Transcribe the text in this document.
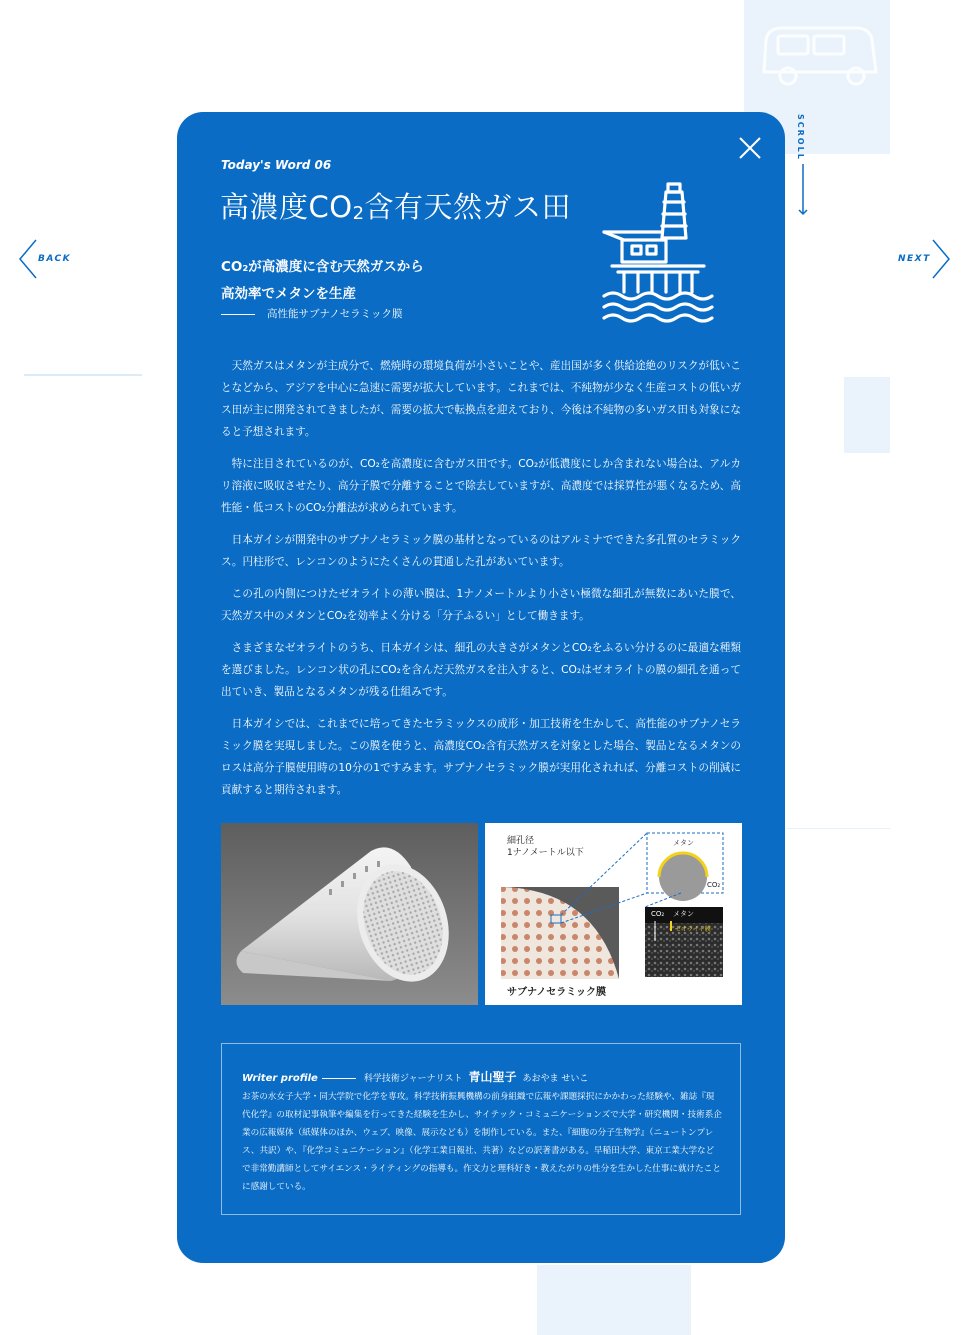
BACK	NEXT
SCROLL
Today's Word 06
高濃度$CO_2$含有天然ガス田
CO₂が高濃度に含む天然ガスから
高効率でメタンを生産
高性能サブナノセラミック膜

天然ガスはメタンが主成分で、燃焼時の環境負荷が小さいことや、産出国が多く供給途絶のリスクが低いことなどから、アジアを中心に急速に需要が拡大しています。これまでは、不純物が少なく生産コストの低いガス田が主に開発されてきましたが、需要の拡大で転換点を迎えており、今後は不純物の多いガス田も対象になると予想されます。

特に注目されているのが、CO₂を高濃度に含むガス田です。CO₂が低濃度にしか含まれない場合は、アルカリ溶液に吸収させたり、高分子膜で分離することで除去していますが、高濃度では採算性が悪くなるため、高性能・低コストのCO₂分離法が求められています。

日本ガイシが開発中のサブナノセラミック膜の基材となっているのはアルミナでできた多孔質のセラミックス。円柱形で、レンコンのようにたくさんの貫通した孔があいています。

この孔の内側につけたゼオライトの薄い膜は、1ナノメートルより小さい極微な細孔が無数にあいた膜で、天然ガス中のメタンとCO₂を効率よく分ける「分子ふるい」として働きます。

さまざまなゼオライトのうち、日本ガイシは、細孔の大きさがメタンとCO₂をふるい分けるのに最適な種類を選びました。レンコン状の孔にCO₂を含んだ天然ガスを注入すると、CO₂はゼオライトの膜の細孔を通って出ていき、製品となるメタンが残る仕組みです。

日本ガイシでは、これまでに培ってきたセラミックスの成形・加工技術を生かして、高性能のサブナノセラミック膜を実現しました。この膜を使うと、高濃度CO₂含有天然ガスを対象とした場合、製品となるメタンのロスは高分子膜使用時の10分の1ですみます。サブナノセラミック膜が実用化されれば、分離コストの削減に貢献すると期待されます。

細孔径
1ナノメートル以下
メタン
CO₂
CO₂ メタン
ゼオライト膜
サブナノセラミック膜
Writer profile	科学技術ジャーナリスト 青山聖子 あおやま せいこ
お茶の水女子大学・同大学院で化学を専攻。科学技術振興機構の前身組織で広報や課題採択にかかわった経験や、雑誌『現代化学』の取材記事執筆や編集を行ってきた経験を生かし、サイテック・コミュニケーションズで大学・研究機関・技術系企業の広報媒体（紙媒体のほか、ウェブ、映像、展示なども）を制作している。また、『細胞の分子生物学』（ニュートンプレス、共訳）や、『化学コミュニケーション』（化学工業日報社、共著）などの訳著書がある。早稲田大学、東京工業大学などで非常勤講師としてサイエンス・ライティングの指導も。作文力と理科好き・教えたがりの性分を生かした仕事に就けたことに感謝している。
